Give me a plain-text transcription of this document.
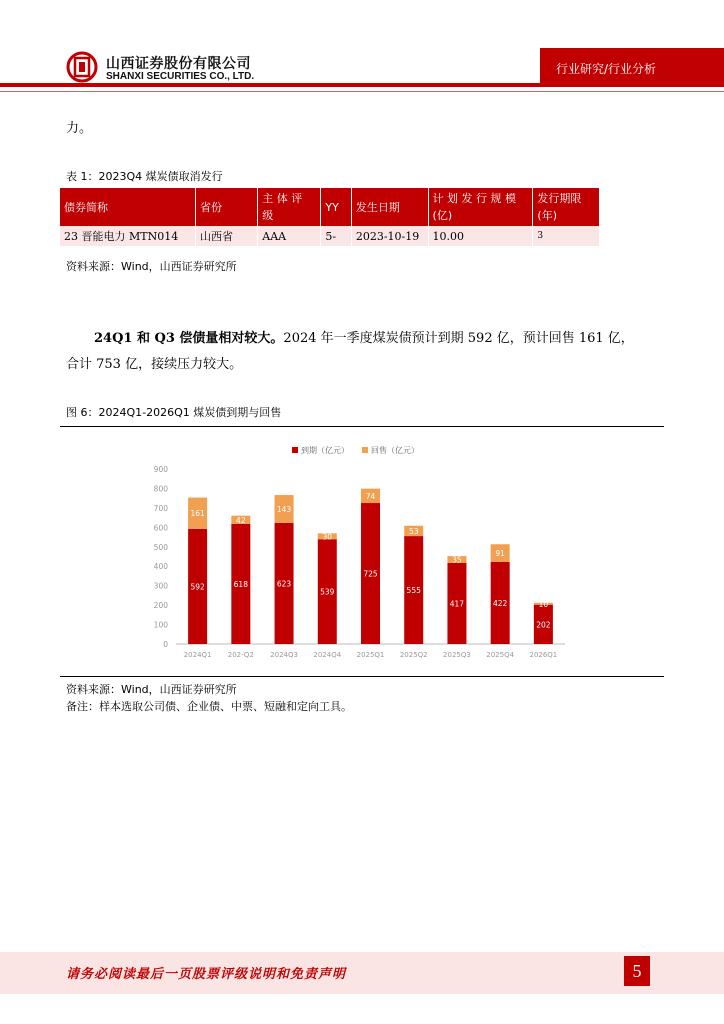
山西证券股份有限公司
SHANXI SECURITIES CO., LTD.
行业研究/行业分析
力。
表 1：2023Q4 煤炭债取消发行
债券简称	省份	主 体 评 级	YY	发生日期	计 划 发 行 规 模 (亿)	发行期限 (年)
23 晋能电力 MTN014	山西省	AAA	5-	2023-10-19	10.00	3
资料来源：Wind，山西证券研究所
24Q1 和 Q3 偿债量相对较大。2024 年一季度煤炭债预计到期 592 亿，预计回售 161 亿，
合计 753 亿，接续压力较大。
图 6：2024Q1-2026Q1 煤炭债到期与回售
0
100
200
300
400
500
600
700
800
900
到期（亿元）	回售（亿元）
592
161
2024Q1
618
42
202-Q2
623
143
2024Q3
539
30
2024Q4
725
74
2025Q1
555
53
2025Q2
417
35
2025Q3
422
91
2025Q4
202
10
2026Q1
资料来源：Wind，山西证券研究所
备注：样本选取公司债、企业债、中票、短融和定向工具。
请务必阅读最后一页股票评级说明和免责声明	5
